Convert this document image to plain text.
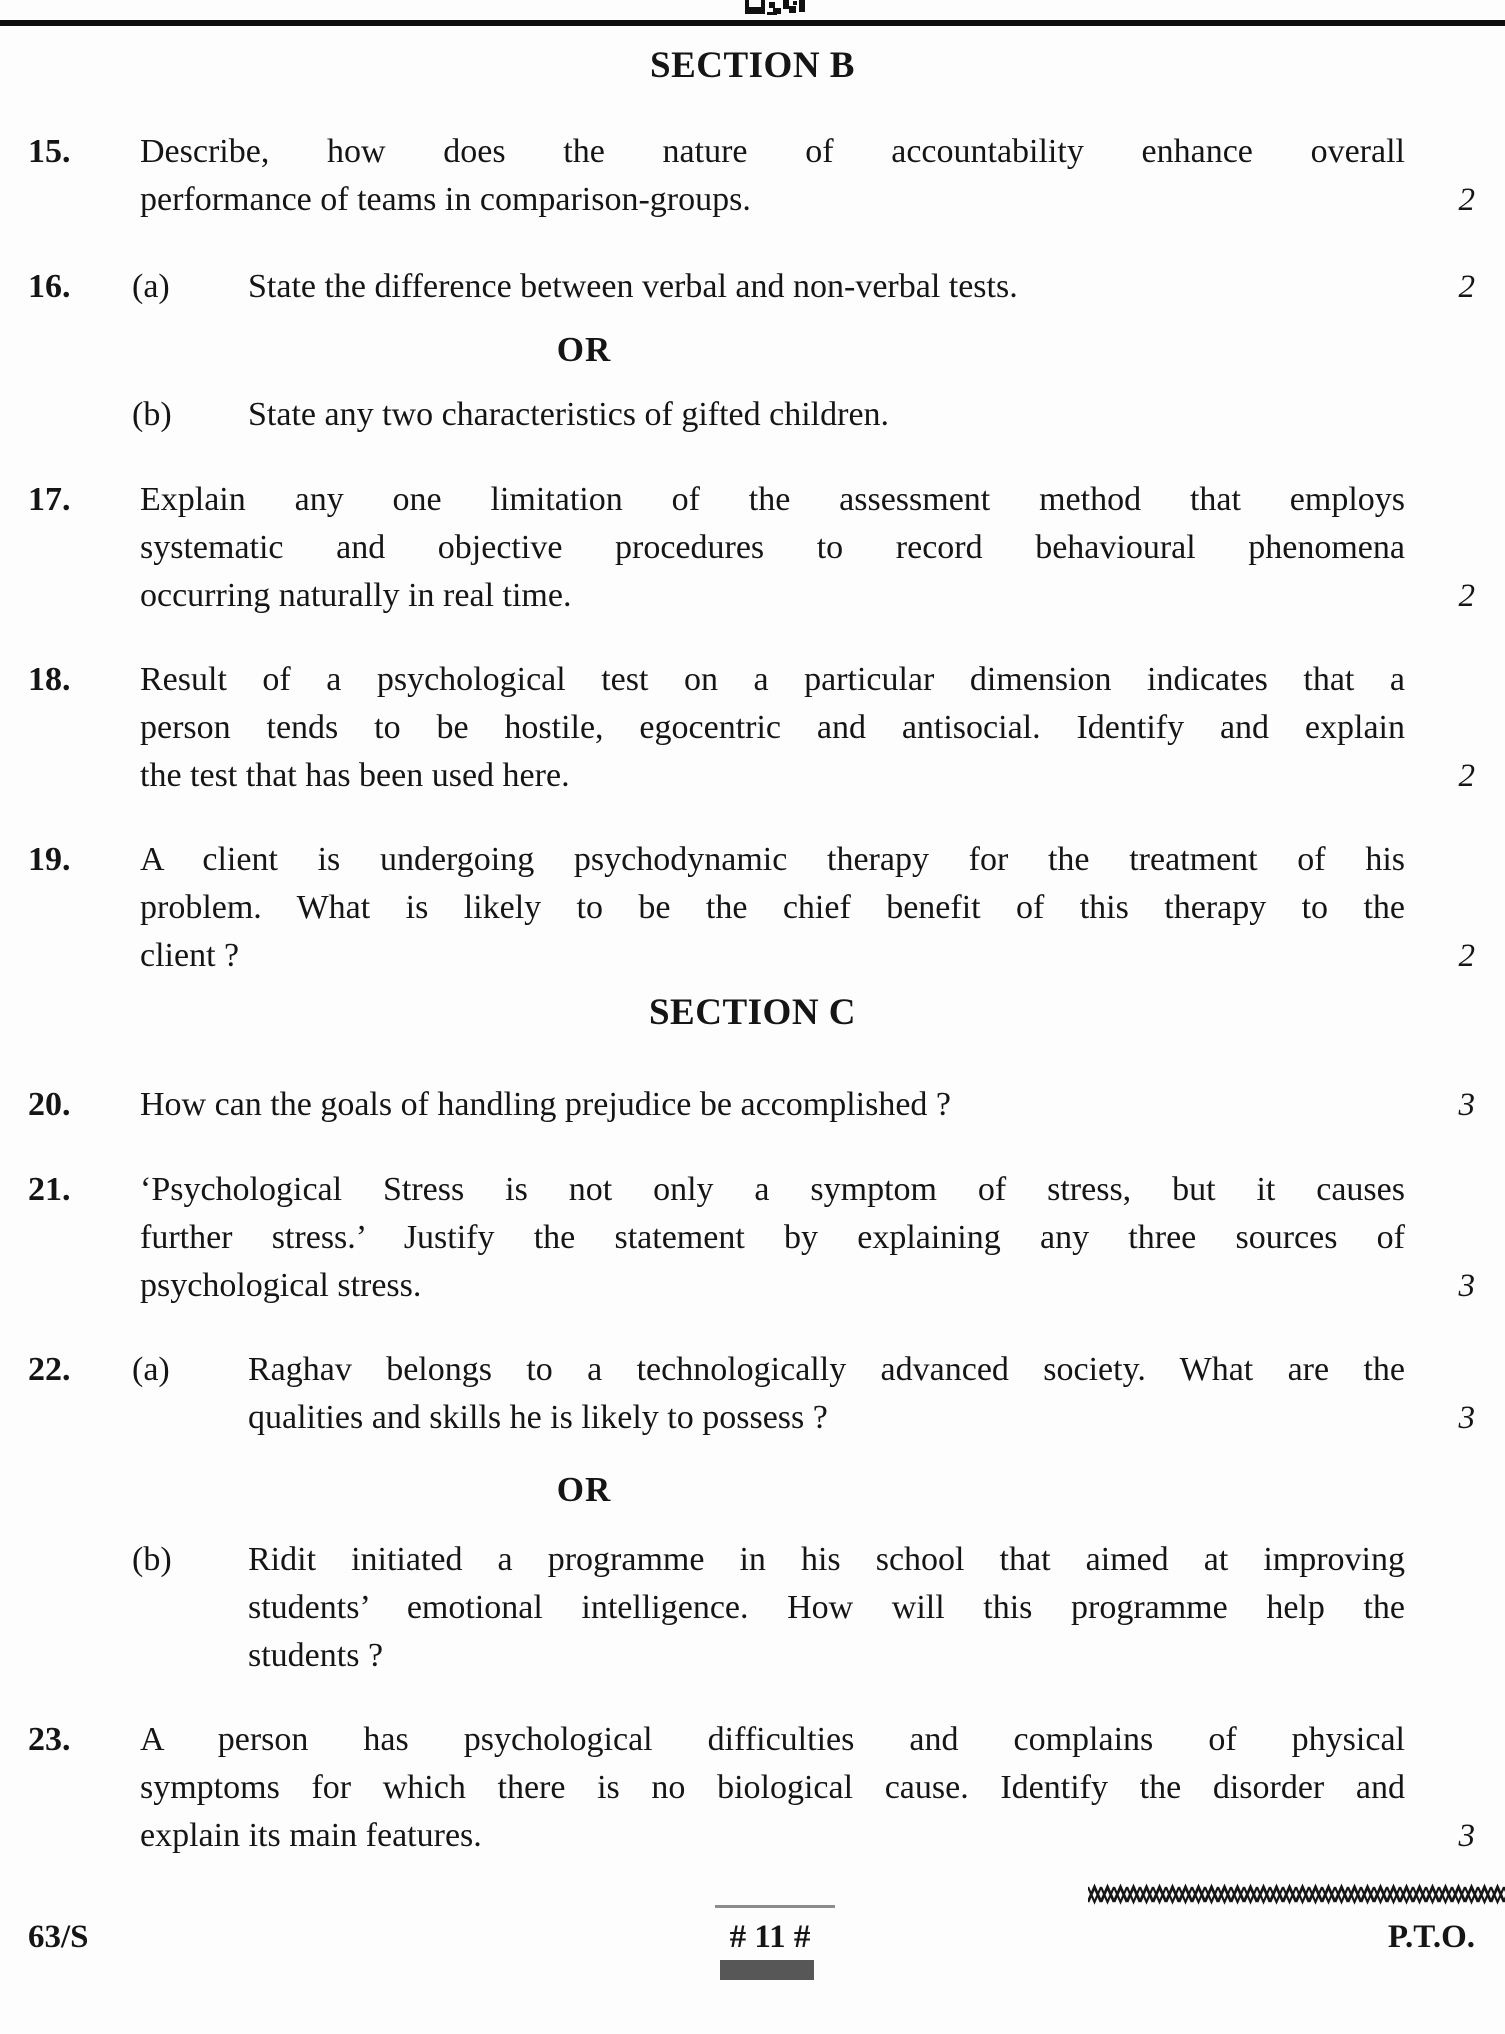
SECTION B
15. Describe, how does the nature of accountability enhance overall
performance of teams in comparison-groups.	2
16. (a) State the difference between verbal and non-verbal tests.	2
OR
(b) State any two characteristics of gifted children.
17. Explain any one limitation of the assessment method that employs
systematic and objective procedures to record behavioural phenomena
occurring naturally in real time.	2
18. Result of a psychological test on a particular dimension indicates that a
person tends to be hostile, egocentric and antisocial. Identify and explain
the test that has been used here.	2
19. A client is undergoing psychodynamic therapy for the treatment of his
problem. What is likely to be the chief benefit of this therapy to the
client ?	2
SECTION C
20. How can the goals of handling prejudice be accomplished ?	3
21. ‘Psychological Stress is not only a symptom of stress, but it causes
further stress.’ Justify the statement by explaining any three sources of
psychological stress.	3
22. (a) Raghav belongs to a technologically advanced society. What are the
qualities and skills he is likely to possess ?	3
OR
(b) Ridit initiated a programme in his school that aimed at improving
students’ emotional intelligence. How will this programme help the
students ?
23. A person has psychological difficulties and complains of physical
symptoms for which there is no biological cause. Identify the disorder and
explain its main features.	3
63/S	# 11 #	P.T.O.
